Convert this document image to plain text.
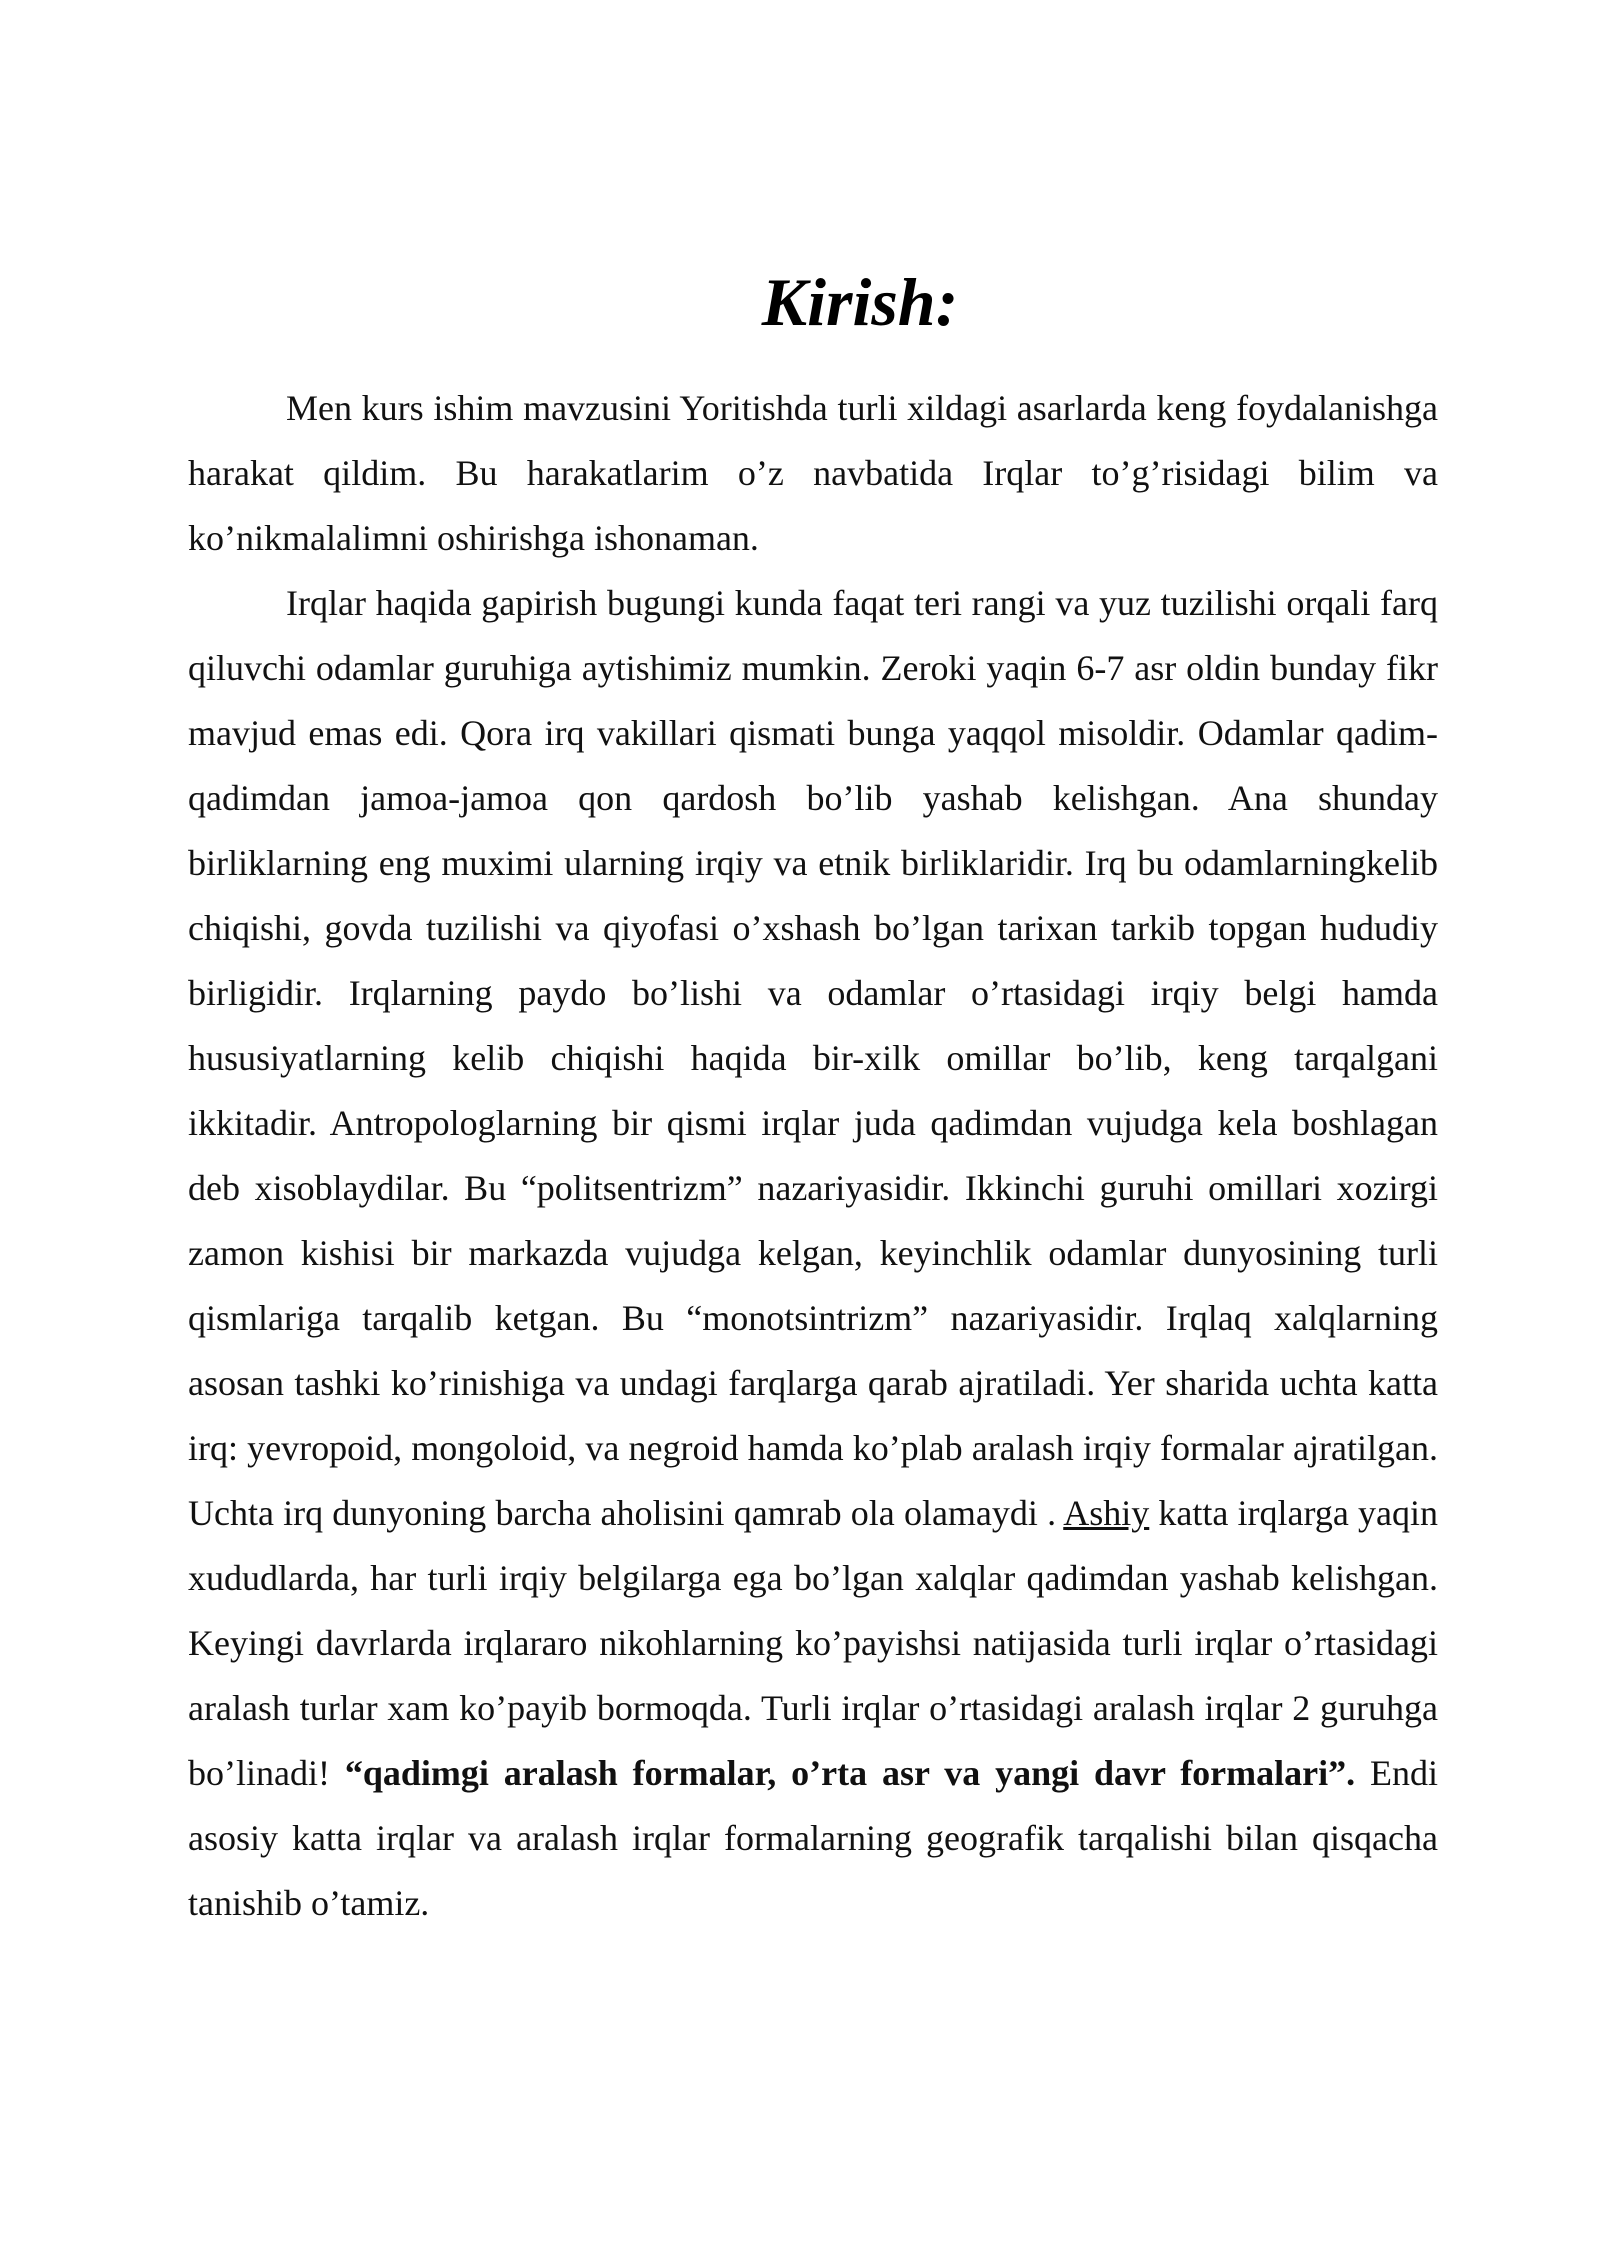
Kirish:

Men kurs ishim mavzusini Yoritishda turli xildagi asarlarda keng foydalanishga harakat qildim. Bu harakatlarim o’z navbatida Irqlar to’g’risidagi bilim va ko’nikmalalimni oshirishga ishonaman.

Irqlar haqida gapirish bugungi kunda faqat teri rangi va yuz tuzilishi orqali farq qiluvchi odamlar guruhiga aytishimiz mumkin. Zeroki yaqin 6-7 asr oldin bunday fikr mavjud emas edi. Qora irq vakillari qismati bunga yaqqol misoldir. Odamlar qadim-qadimdan jamoa-jamoa qon qardosh bo’lib yashab kelishgan. Ana shunday birliklarning eng muximi ularning irqiy va etnik birliklaridir. Irq bu odamlarningkelib chiqishi, govda tuzilishi va qiyofasi o’xshash bo’lgan tarixan tarkib topgan hududiy birligidir. Irqlarning paydo bo’lishi va odamlar o’rtasidagi irqiy belgi hamda hususiyatlarning kelib chiqishi haqida bir-xilk omillar bo’lib, keng tarqalgani ikkitadir. Antropologlarning bir qismi irqlar juda qadimdan vujudga kela boshlagan deb xisoblaydilar. Bu “politsentrizm” nazariyasidir. Ikkinchi guruhi omillari xozirgi zamon kishisi bir markazda vujudga kelgan, keyinchlik odamlar dunyosining turli qismlariga tarqalib ketgan. Bu “monotsintrizm” nazariyasidir. Irqlaq xalqlarning asosan tashki ko’rinishiga va undagi farqlarga qarab ajratiladi. Yer sharida uchta katta irq: yevropoid, mongoloid, va negroid hamda ko’plab aralash irqiy formalar ajratilgan. Uchta irq dunyoning barcha aholisini qamrab ola olamaydi . Ashiy katta irqlarga yaqin xududlarda, har turli irqiy belgilarga ega bo’lgan xalqlar qadimdan yashab kelishgan. Keyingi davrlarda irqlararo nikohlarning ko’payishsi natijasida turli irqlar o’rtasidagi aralash turlar xam ko’payib bormoqda. Turli irqlar o’rtasidagi aralash irqlar 2 guruhga bo’linadi! “qadimgi aralash formalar, o’rta asr va yangi davr formalari”. Endi asosiy katta irqlar va aralash irqlar formalarning geografik tarqalishi bilan qisqacha tanishib o’tamiz.
